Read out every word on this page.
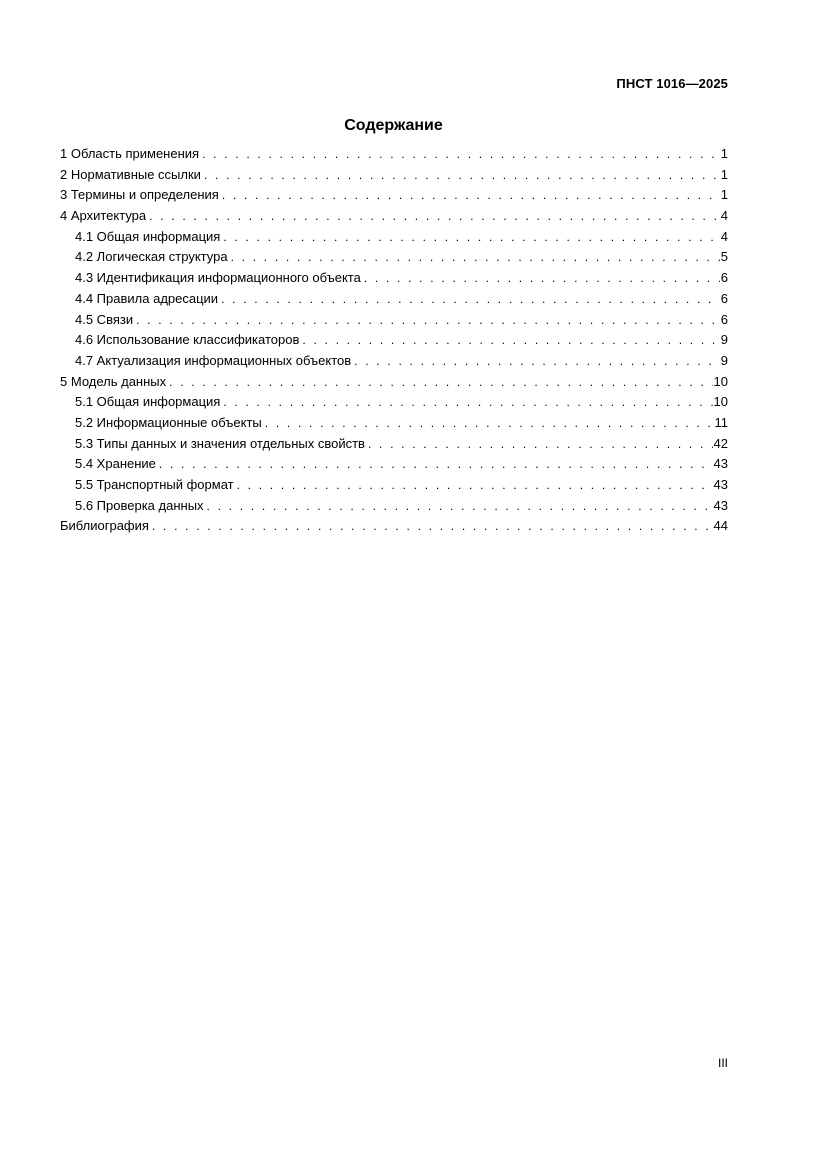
ПНСТ 1016—2025
Содержание
1 Область применения . . .	1
2 Нормативные ссылки . . .	1
3 Термины и определения . . .	1
4 Архитектура . . .	4
4.1 Общая информация . . .	4
4.2 Логическая структура . . .	5
4.3 Идентификация информационного объекта . . .	6
4.4 Правила адресации . . .	6
4.5 Связи . . .	6
4.6 Использование классификаторов . . .	9
4.7 Актуализация информационных объектов . . .	9
5 Модель данных . . .	10
5.1 Общая информация . . .	10
5.2 Информационные объекты . . .	11
5.3 Типы данных и значения отдельных свойств . . .	42
5.4 Хранение . . .	43
5.5 Транспортный формат . . .	43
5.6 Проверка данных . . .	43
Библиография . . .	44
III
